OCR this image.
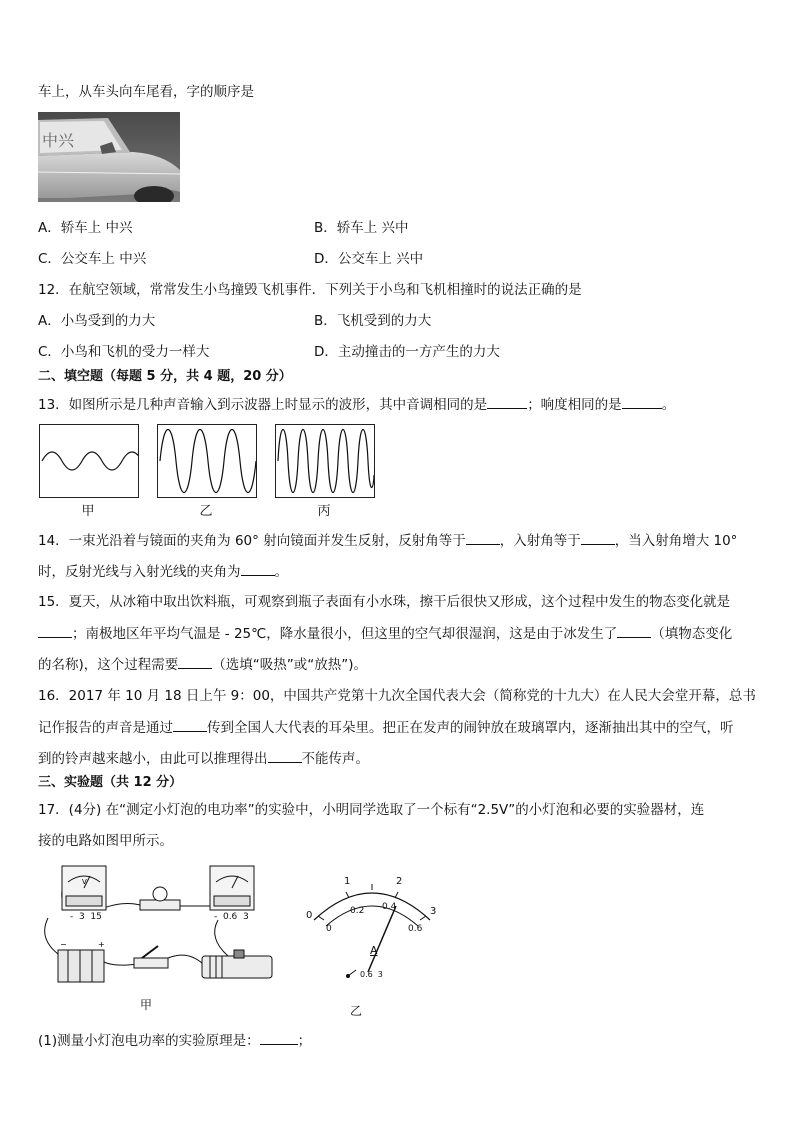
车上，从车头向车尾看，字的顺序是
中兴
A．轿车上 中兴	B．轿车上 兴中
C．公交车上 中兴	D．公交车上 兴中
12．在航空领域，常常发生小鸟撞毁飞机事件．下列关于小鸟和飞机相撞时的说法正确的是
A．小鸟受到的力大	B．飞机受到的力大
C．小鸟和飞机的受力一样大	D．主动撞击的一方产生的力大
二、填空题（每题 5 分，共 4 题，20 分）
13．如图所示是几种声音输入到示波器上时显示的波形，其中音调相同的是	；响度相同的是	。
甲	乙	丙
14．一束光沿着与镜面的夹角为 60° 射向镜面并发生反射，反射角等于	，入射角等于	，当入射角增大 10°
时，反射光线与入射光线的夹角为	。
15．夏天，从冰箱中取出饮料瓶，可观察到瓶子表面有小水珠，擦干后很快又形成，这个过程中发生的物态变化就是
；南极地区年平均气温是 - 25℃，降水量很小，但这里的空气却很湿润，这是由于冰发生了	（填物态变化
的名称)，这个过程需要	（选填“吸热”或“放热”)。
16．2017 年 10 月 18 日上午 9：00，中国共产党第十九次全国代表大会（简称党的十九大）在人民大会堂开幕，总书
记作报告的声音是通过	传到全国人大代表的耳朵里。把正在发声的闹钟放在玻璃罩内，逐渐抽出其中的空气，听
到的铃声越来越小，由此可以推理得出	不能传声。
三、实验题（共 12 分）
17．(4分) 在“测定小灯泡的电功率”的实验中，小明同学选取了一个标有“2.5V”的小灯泡和必要的实验器材，连
接的电路如图甲所示。
V
−	+
-  3  15	-  0.6  3
甲
0
1	2
3
0
0.2 0.4
0.6
A
0.6  3
乙
(1)测量小灯泡电功率的实验原理是：	；
